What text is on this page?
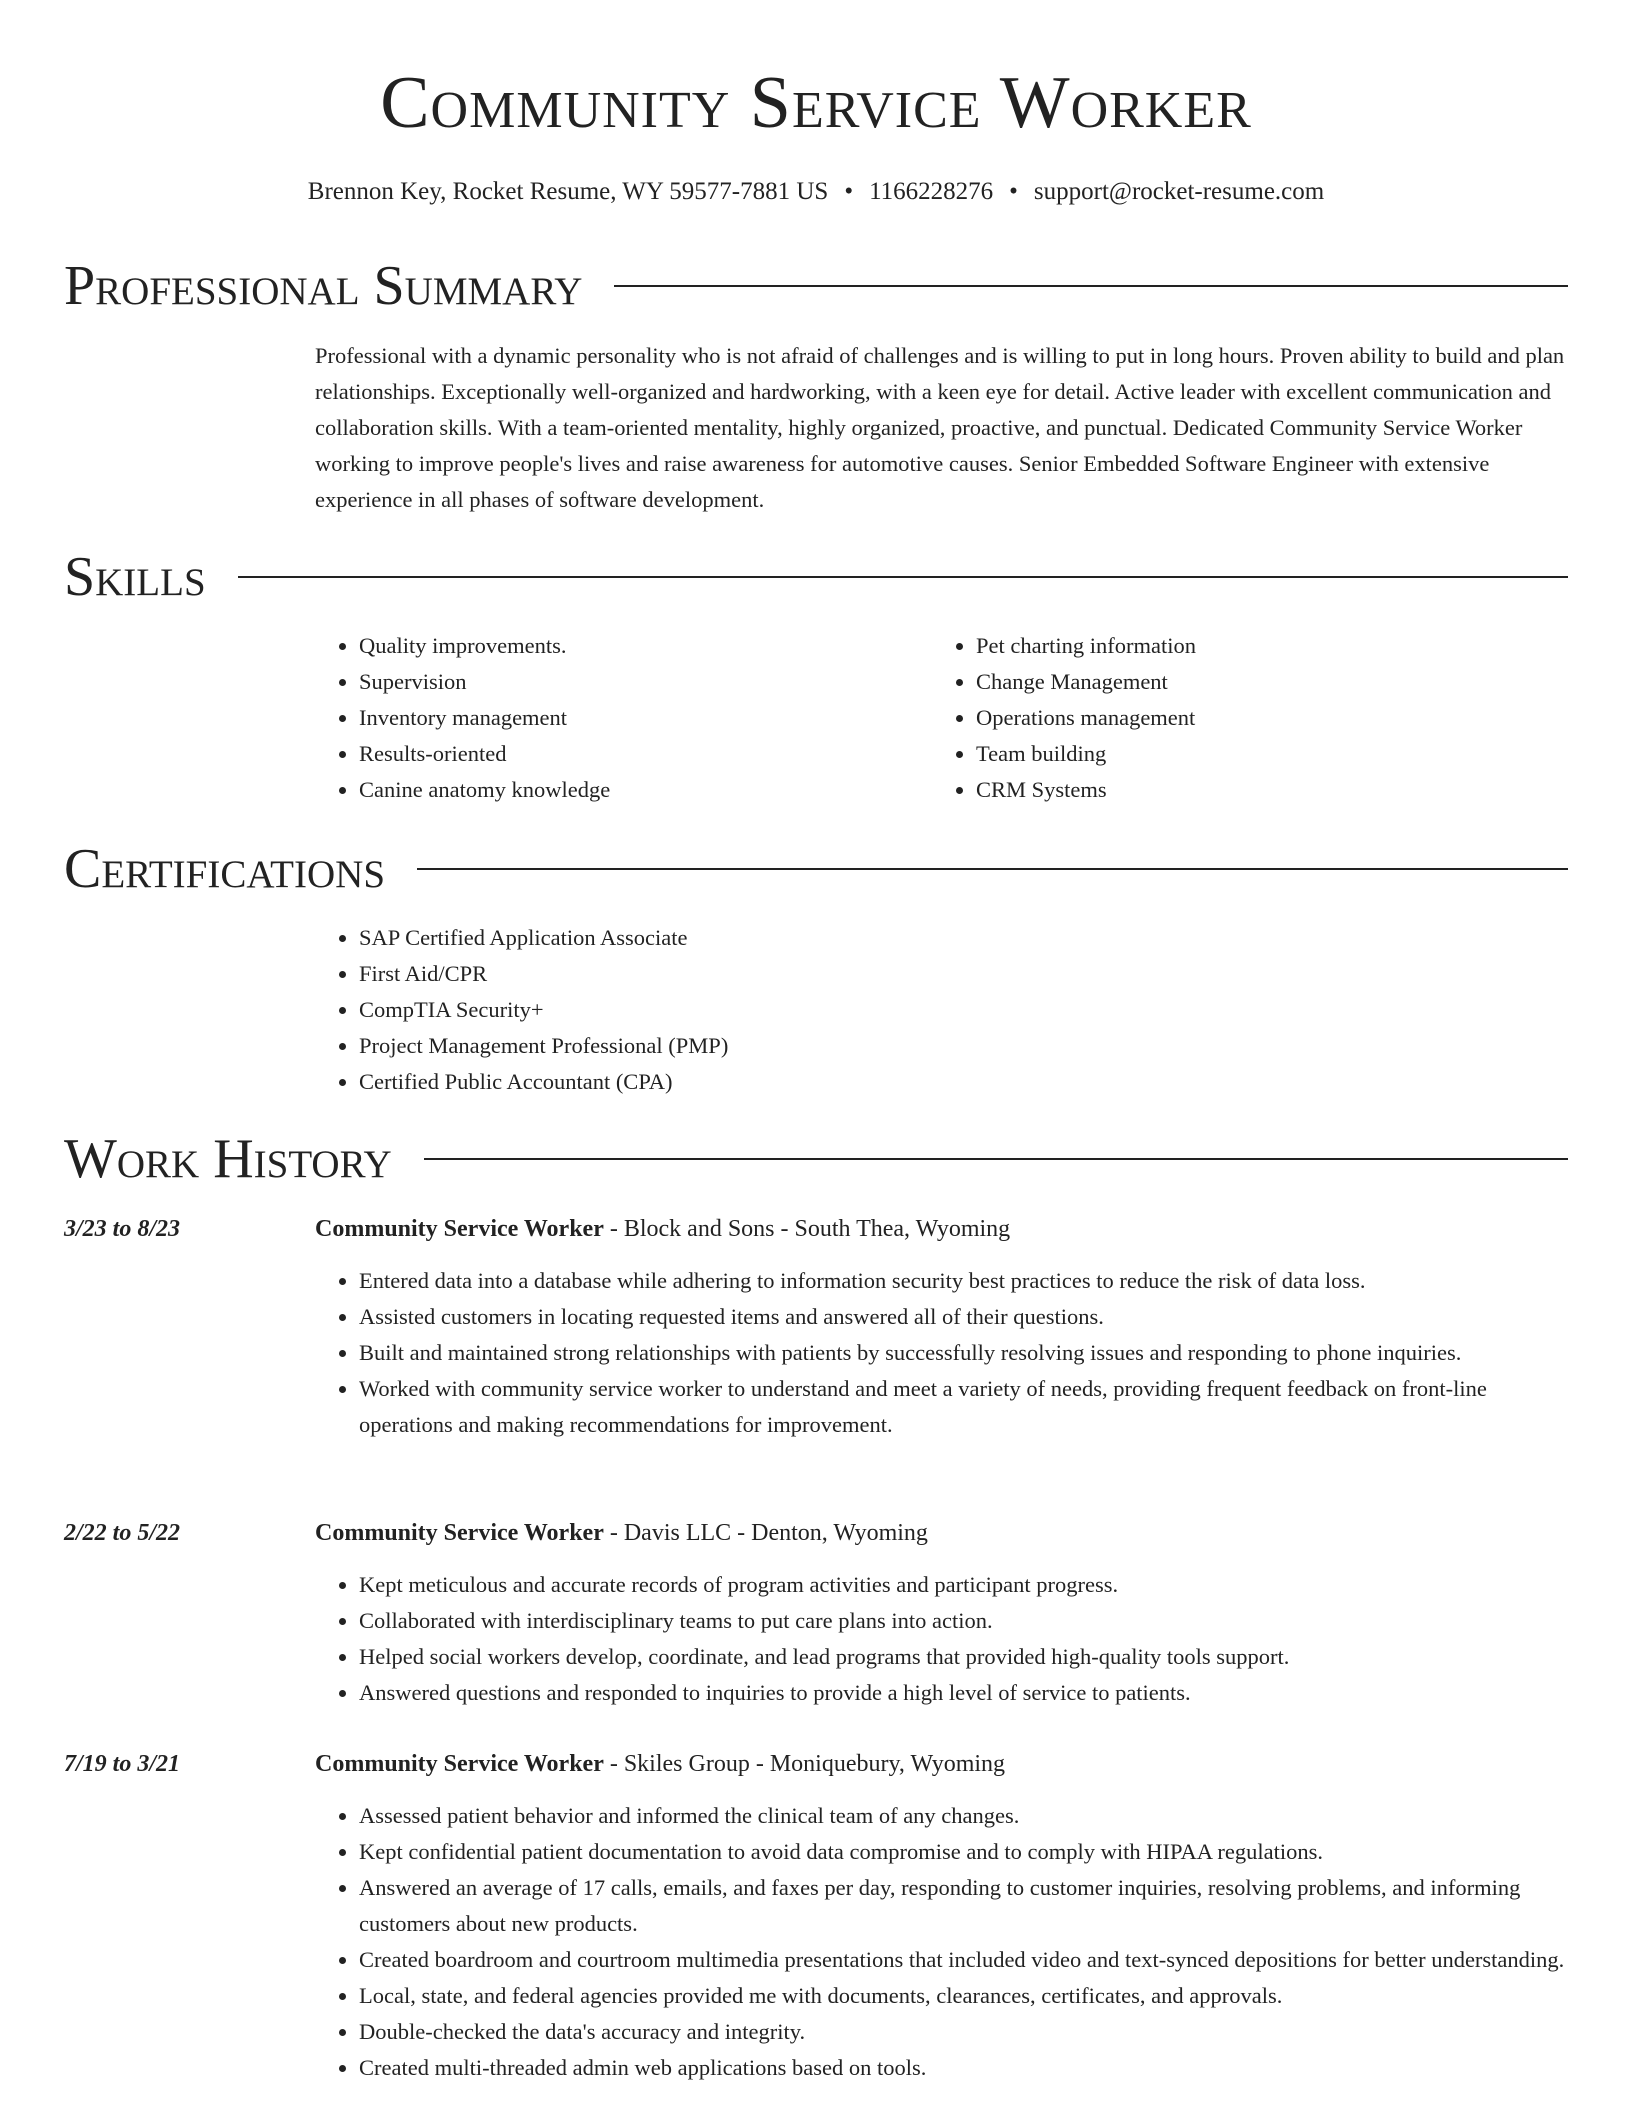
Community Service Worker
Brennon Key, Rocket Resume, WY 59577-7881 US • 1166228276 • support@rocket-resume.com
Professional Summary

Professional with a dynamic personality who is not afraid of challenges and is willing to put in long hours. Proven ability to build and plan relationships. Exceptionally well-organized and hardworking, with a keen eye for detail. Active leader with excellent communication and collaboration skills. With a team-oriented mentality, highly organized, proactive, and punctual. Dedicated Community Service Worker working to improve people's lives and raise awareness for automotive causes. Senior Embedded Software Engineer with extensive experience in all phases of software development.

Skills
• Quality improvements.
• Supervision
• Inventory management
• Results-oriented
• Canine anatomy knowledge
• Pet charting information
• Change Management
• Operations management
• Team building
• CRM Systems
Certifications
• SAP Certified Application Associate
• First Aid/CPR
• CompTIA Security+
• Project Management Professional (PMP)
• Certified Public Accountant (CPA)
Work History
3/23 to 8/23	Community Service Worker - Block and Sons - South Thea, Wyoming
• Entered data into a database while adhering to information security best practices to reduce the risk of data loss.
• Assisted customers in locating requested items and answered all of their questions.
• Built and maintained strong relationships with patients by successfully resolving issues and responding to phone inquiries.
• Worked with community service worker to understand and meet a variety of needs, providing frequent feedback on front-line operations and making recommendations for improvement.
2/22 to 5/22	Community Service Worker - Davis LLC - Denton, Wyoming
• Kept meticulous and accurate records of program activities and participant progress.
• Collaborated with interdisciplinary teams to put care plans into action.
• Helped social workers develop, coordinate, and lead programs that provided high-quality tools support.
• Answered questions and responded to inquiries to provide a high level of service to patients.
7/19 to 3/21	Community Service Worker - Skiles Group - Moniquebury, Wyoming
• Assessed patient behavior and informed the clinical team of any changes.
• Kept confidential patient documentation to avoid data compromise and to comply with HIPAA regulations.
• Answered an average of 17 calls, emails, and faxes per day, responding to customer inquiries, resolving problems, and informing customers about new products.
• Created boardroom and courtroom multimedia presentations that included video and text-synced depositions for better understanding.
• Local, state, and federal agencies provided me with documents, clearances, certificates, and approvals.
• Double-checked the data's accuracy and integrity.
• Created multi-threaded admin web applications based on tools.
